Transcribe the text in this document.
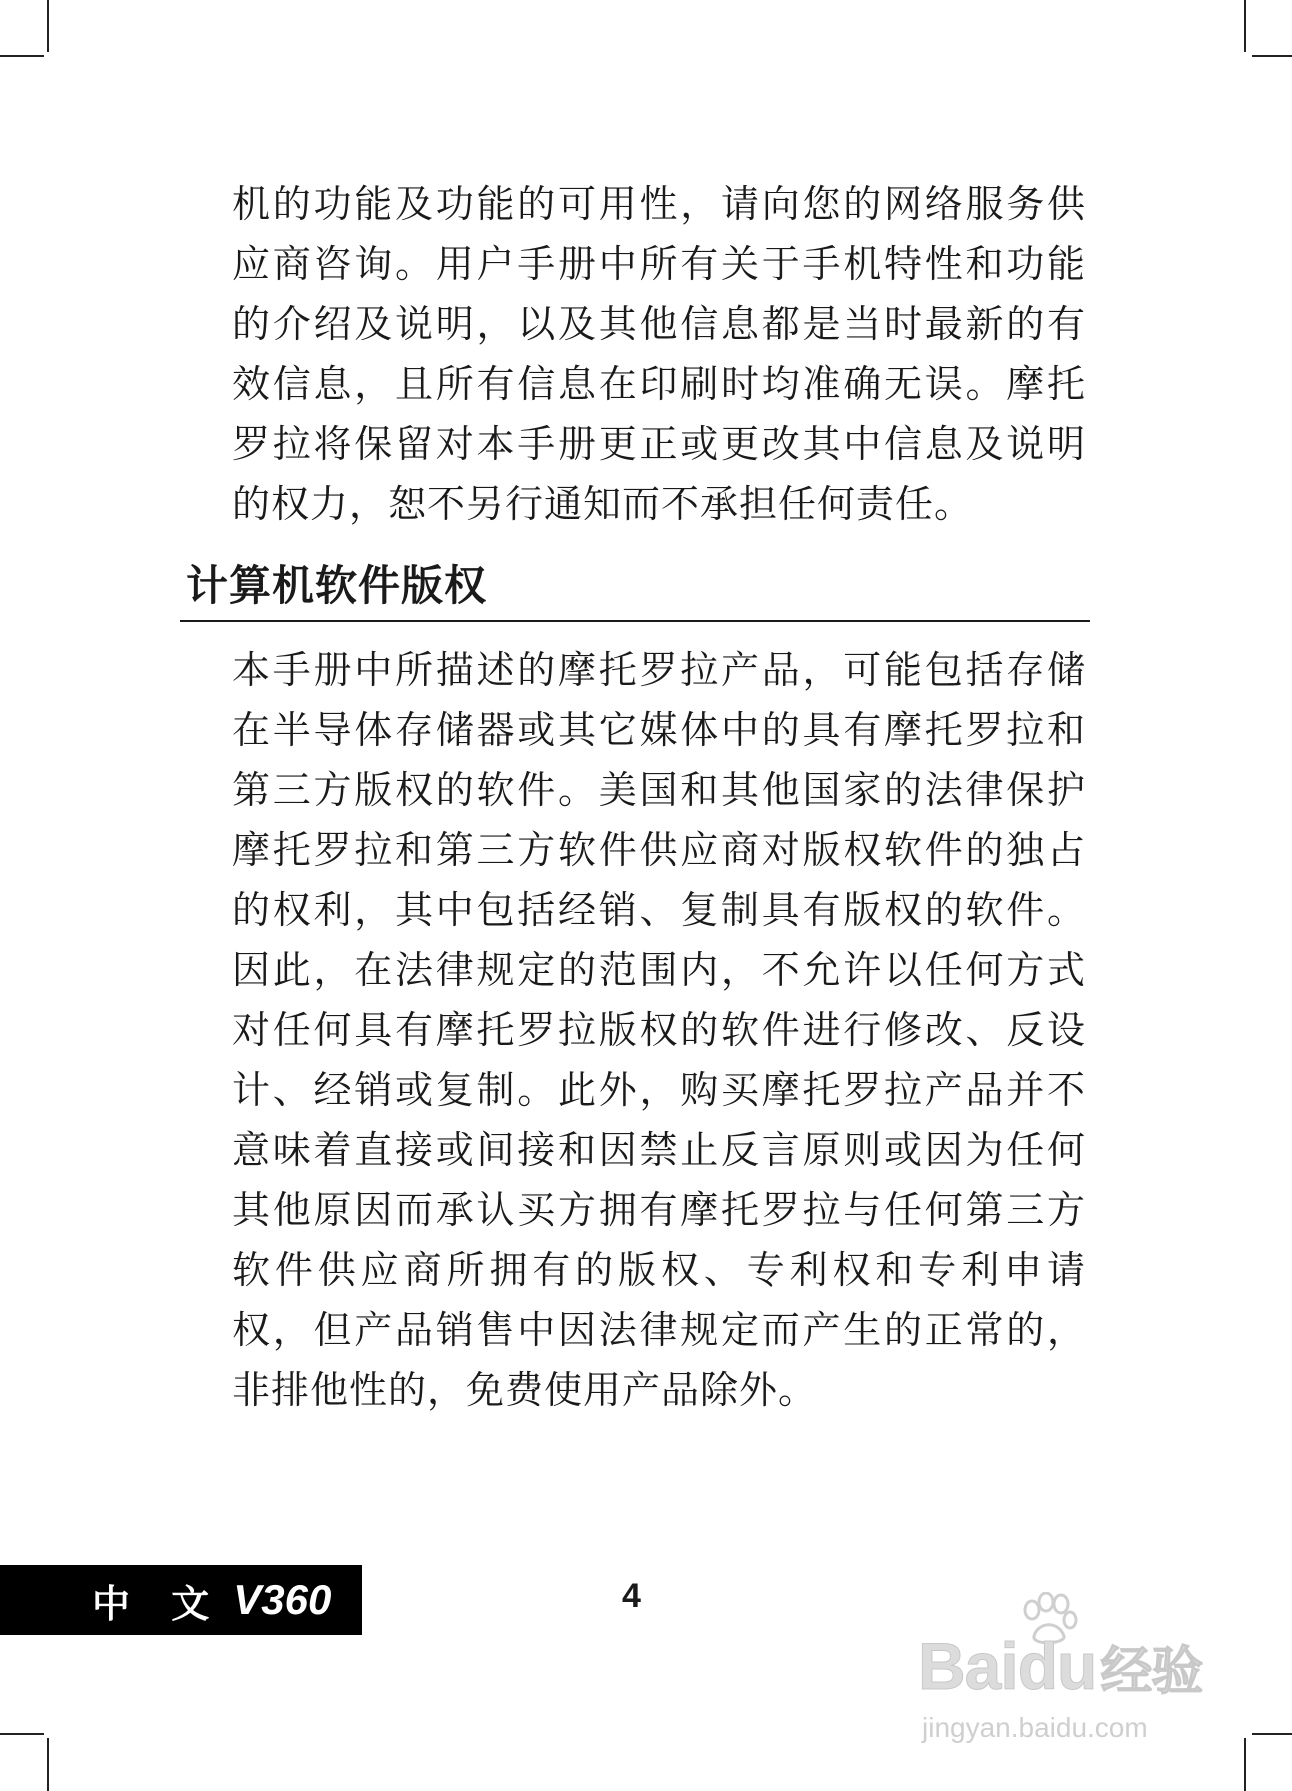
机的功能及功能的可用性，请向您的网络服务供应商咨询。用户手册中所有关于手机特性和功能的介绍及说明，以及其他信息都是当时最新的有效信息，且所有信息在印刷时均准确无误。摩托罗拉将保留对本手册更正或更改其中信息及说明的权力，恕不另行通知而不承担任何责任。

计算机软件版权

本手册中所描述的摩托罗拉产品，可能包括存储在半导体存储器或其它媒体中的具有摩托罗拉和第三方版权的软件。美国和其他国家的法律保护摩托罗拉和第三方软件供应商对版权软件的独占的权利，其中包括经销、复制具有版权的软件。因此，在法律规定的范围内，不允许以任何方式对任何具有摩托罗拉版权的软件进行修改、反设计、经销或复制。此外，购买摩托罗拉产品并不意味着直接或间接和因禁止反言原则或因为任何其他原因而承认买方拥有摩托罗拉与任何第三方软件供应商所拥有的版权、专利权和专利申请权，但产品销售中因法律规定而产生的正常的，非排他性的，免费使用产品除外。

中 文 V360	4
Baidu经验
jingyan.baidu.com
